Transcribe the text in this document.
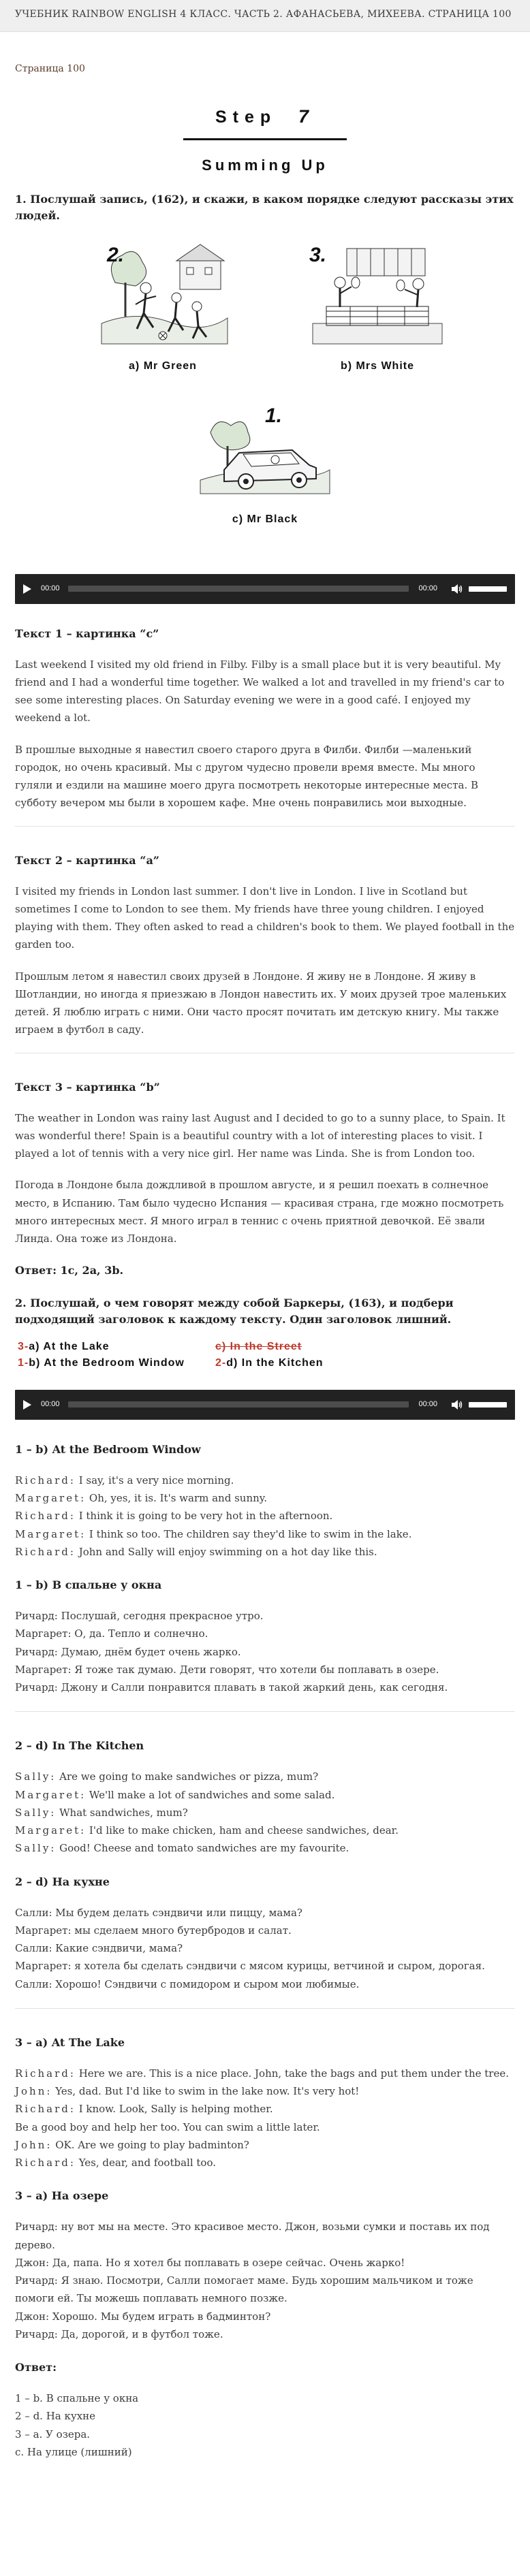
УЧЕБНИК RAINBOW ENGLISH 4 КЛАСС. ЧАСТЬ 2. АФАНАСЬЕВА, МИХЕЕВА. СТРАНИЦА 100
Страница 100
Step 7
Summing Up
1. Послушай запись, (162), и скажи, в каком порядке следуют рассказы этих людей.
2.
a) Mr Green
3.
b) Mrs White
1.
c) Mr Black
00:00	00:00
Текст 1 – картинка “c”

Last weekend I visited my old friend in Filby. Filby is a small place but it is very beautiful. My friend and I had a wonderful time together. We walked a lot and travelled in my friend's car to see some interesting places. On Saturday evening we were in a good café. I enjoyed my weekend a lot.

В прошлые выходные я навестил своего старого друга в Филби. Филби —маленький городок, но очень красивый. Мы с другом чудесно провели время вместе. Мы много гуляли и ездили на машине моего друга посмотреть некоторые интересные места. В субботу вечером мы были в хорошем кафе. Мне очень понравились мои выходные.

Текст 2 – картинка “a”

I visited my friends in London last summer. I don't live in London. I live in Scotland but sometimes I come to London to see them. My friends have three young children. I enjoyed playing with them. They often asked to read a children's book to them. We played football in the garden too.

Прошлым летом я навестил своих друзей в Лондоне. Я живу не в Лондоне. Я живу в Шотландии, но иногда я приезжаю в Лондон навестить их. У моих друзей трое маленьких детей. Я люблю играть с ними. Они часто просят почитать им детскую книгу. Мы также играем в футбол в саду.

Текст 3 – картинка “b”

The weather in London was rainy last August and I decided to go to a sunny place, to Spain. It was wonderful there! Spain is a beautiful country with a lot of interesting places to visit. I played a lot of tennis with a very nice girl. Her name was Linda. She is from London too.

Погода в Лондоне была дождливой в прошлом августе, и я решил поехать в солнечное место, в Испанию. Там было чудесно Испания — красивая страна, где можно посмотреть много интересных мест. Я много играл в теннис с очень приятной девочкой. Её звали Линда. Она тоже из Лондона.

Ответ: 1c, 2a, 3b.
2. Послушай, о чем говорят между собой Баркеры, (163), и подбери подходящий заголовок к каждому тексту. Один заголовок лишний.
3-a) At the Lake	c) In the Street
1-b) At the Bedroom Window	2-d) In the Kitchen
00:00	00:00
1 – b) At the Bedroom Window
Richard: I say, it's a very nice morning.
Margaret: Oh, yes, it is. It's warm and sunny.
Richard: I think it is going to be very hot in the afternoon.
Margaret: I think so too. The children say they'd like to swim in the lake.
Richard: John and Sally will enjoy swimming on a hot day like this.
1 – b) В спальне у окна
Ричард: Послушай, сегодня прекрасное утро.
Маргарет: О, да. Тепло и солнечно.
Ричард: Думаю, днём будет очень жарко.
Маргарет: Я тоже так думаю. Дети говорят, что хотели бы поплавать в озере.
Ричард: Джону и Салли понравится плавать в такой жаркий день, как сегодня.
2 – d) In The Kitchen
Sally: Are we going to make sandwiches or pizza, mum?
Margaret: We'll make a lot of sandwiches and some salad.
Sally: What sandwiches, mum?
Margaret: I'd like to make chicken, ham and cheese sandwiches, dear.
Sally: Good! Cheese and tomato sandwiches are my favourite.
2 – d) На кухне
Салли: Мы будем делать сэндвичи или пиццу, мама?
Маргарет: мы сделаем много бутербродов и салат.
Салли: Какие сэндвичи, мама?
Маргарет: я хотела бы сделать сэндвичи с мясом курицы, ветчиной и сыром, дорогая.
Салли: Хорошо! Сэндвичи с помидором и сыром мои любимые.
3 – a) At The Lake
Richard: Here we are. This is a nice place. John, take the bags and put them under the tree.
John: Yes, dad. But I'd like to swim in the lake now. It's very hot!
Richard: I know. Look, Sally is helping mother.
Be a good boy and help her too. You can swim a little later.
John: OK. Are we going to play badminton?
Richard: Yes, dear, and football too.
3 – a) На озере
Ричард: ну вот мы на месте. Это красивое место. Джон, возьми сумки и поставь их под дерево.
Джон: Да, папа. Но я хотел бы поплавать в озере сейчас. Очень жарко!
Ричард: Я знаю. Посмотри, Салли помогает маме. Будь хорошим мальчиком и тоже помоги ей. Ты можешь поплавать немного позже.
Джон: Хорошо. Мы будем играть в бадминтон?
Ричард: Да, дорогой, и в футбол тоже.
Ответ:
1 – b. В спальне у окна
2 – d. На кухне
3 – a. У озера.
c. На улице (лишний)
